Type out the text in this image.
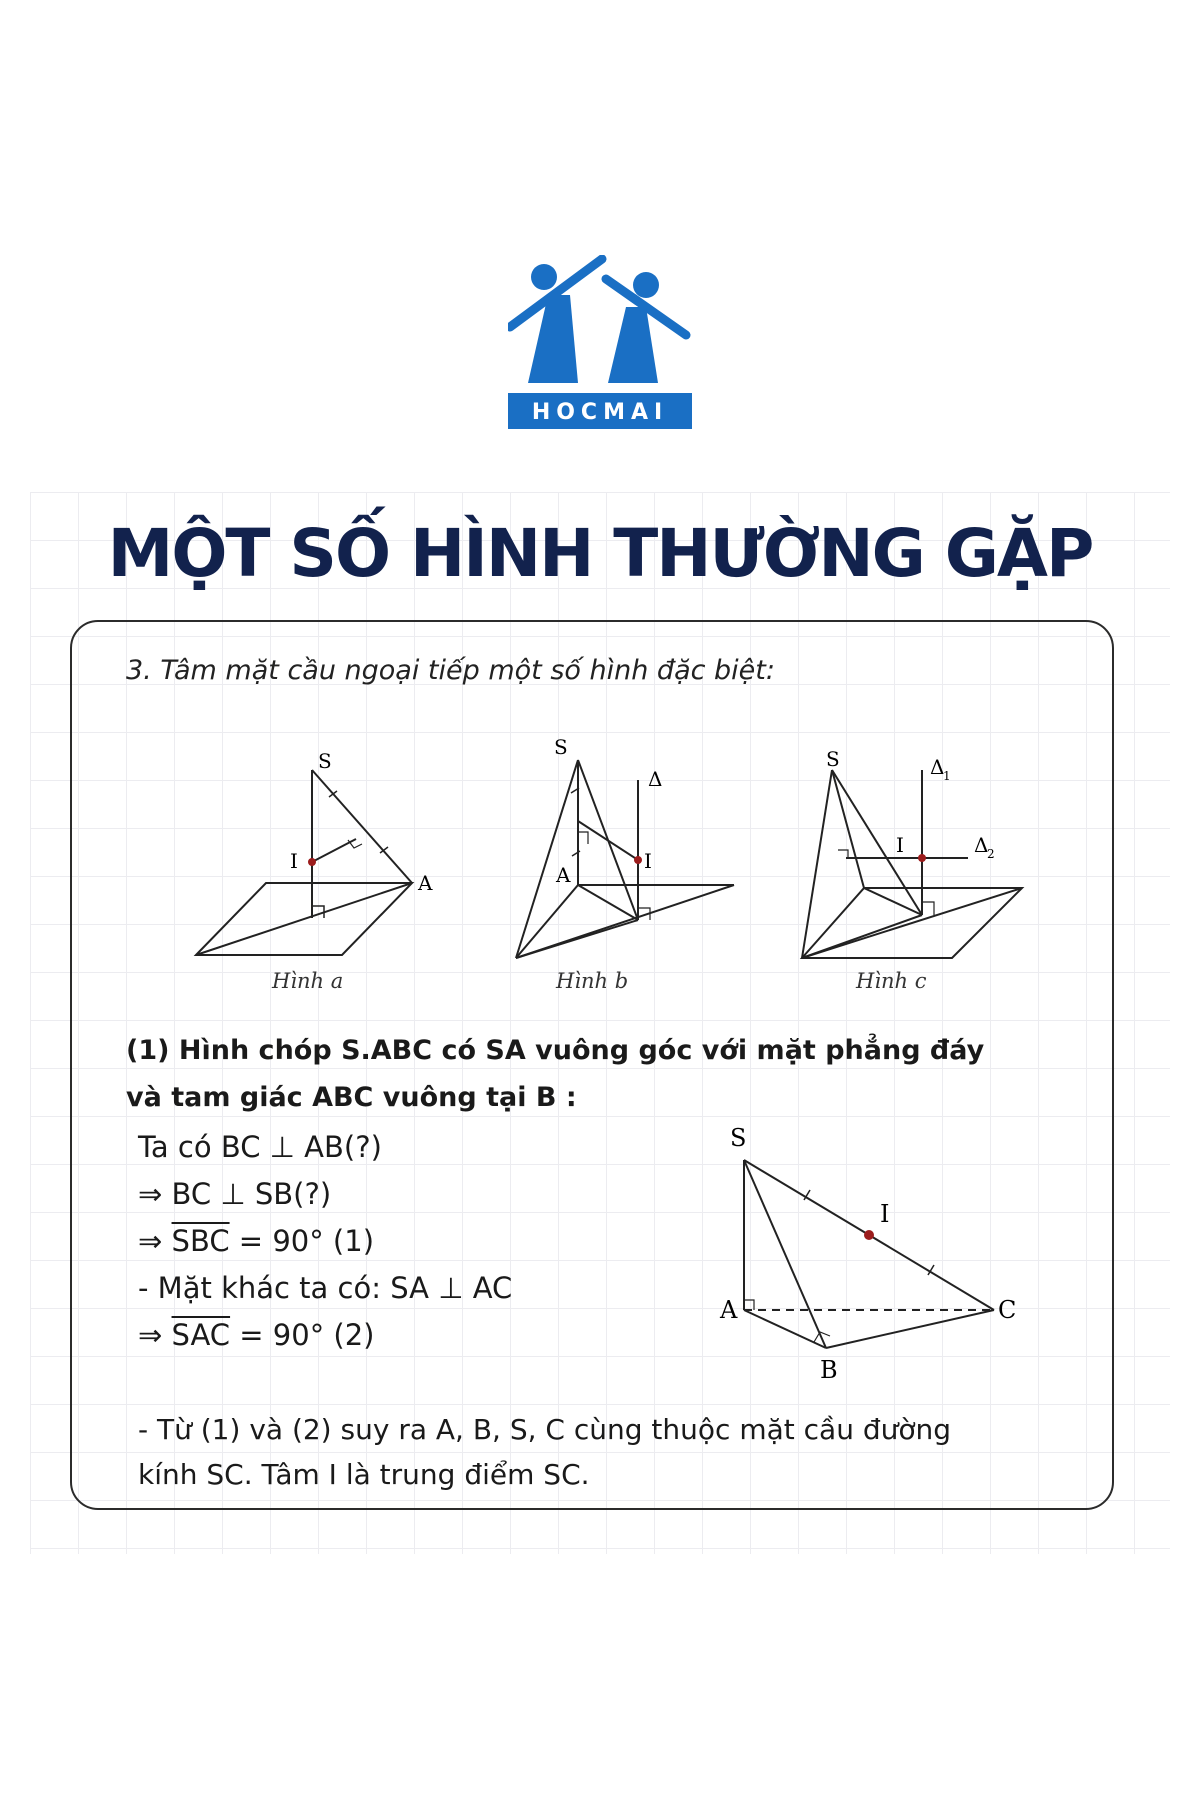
HOCMAI
MỘT SỐ HÌNH THƯỜNG GẶP
3. Tâm mặt cầu ngoại tiếp một số hình đặc biệt:
S
I
A
Hình a
S
Δ
A
I
Hình b
S	Δ
1
I	Δ
2
Hình c
(1) Hình chóp S.ABC có SA vuông góc với mặt phẳng đáy
và tam giác ABC vuông tại B :
Ta có BC ⊥ AB(?)
⇒ BC ⊥ SB(?)
⇒ $\overline{SBC} = 90^\circ$ (1)
- Mặt khác ta có: SA ⊥ AC
⇒ $\overline{SAC} = 90^\circ$ (2)
S
I
A
B
C
- Từ (1) và (2) suy ra A, B, S, C cùng thuộc mặt cầu đường
kính SC. Tâm I là trung điểm SC.
